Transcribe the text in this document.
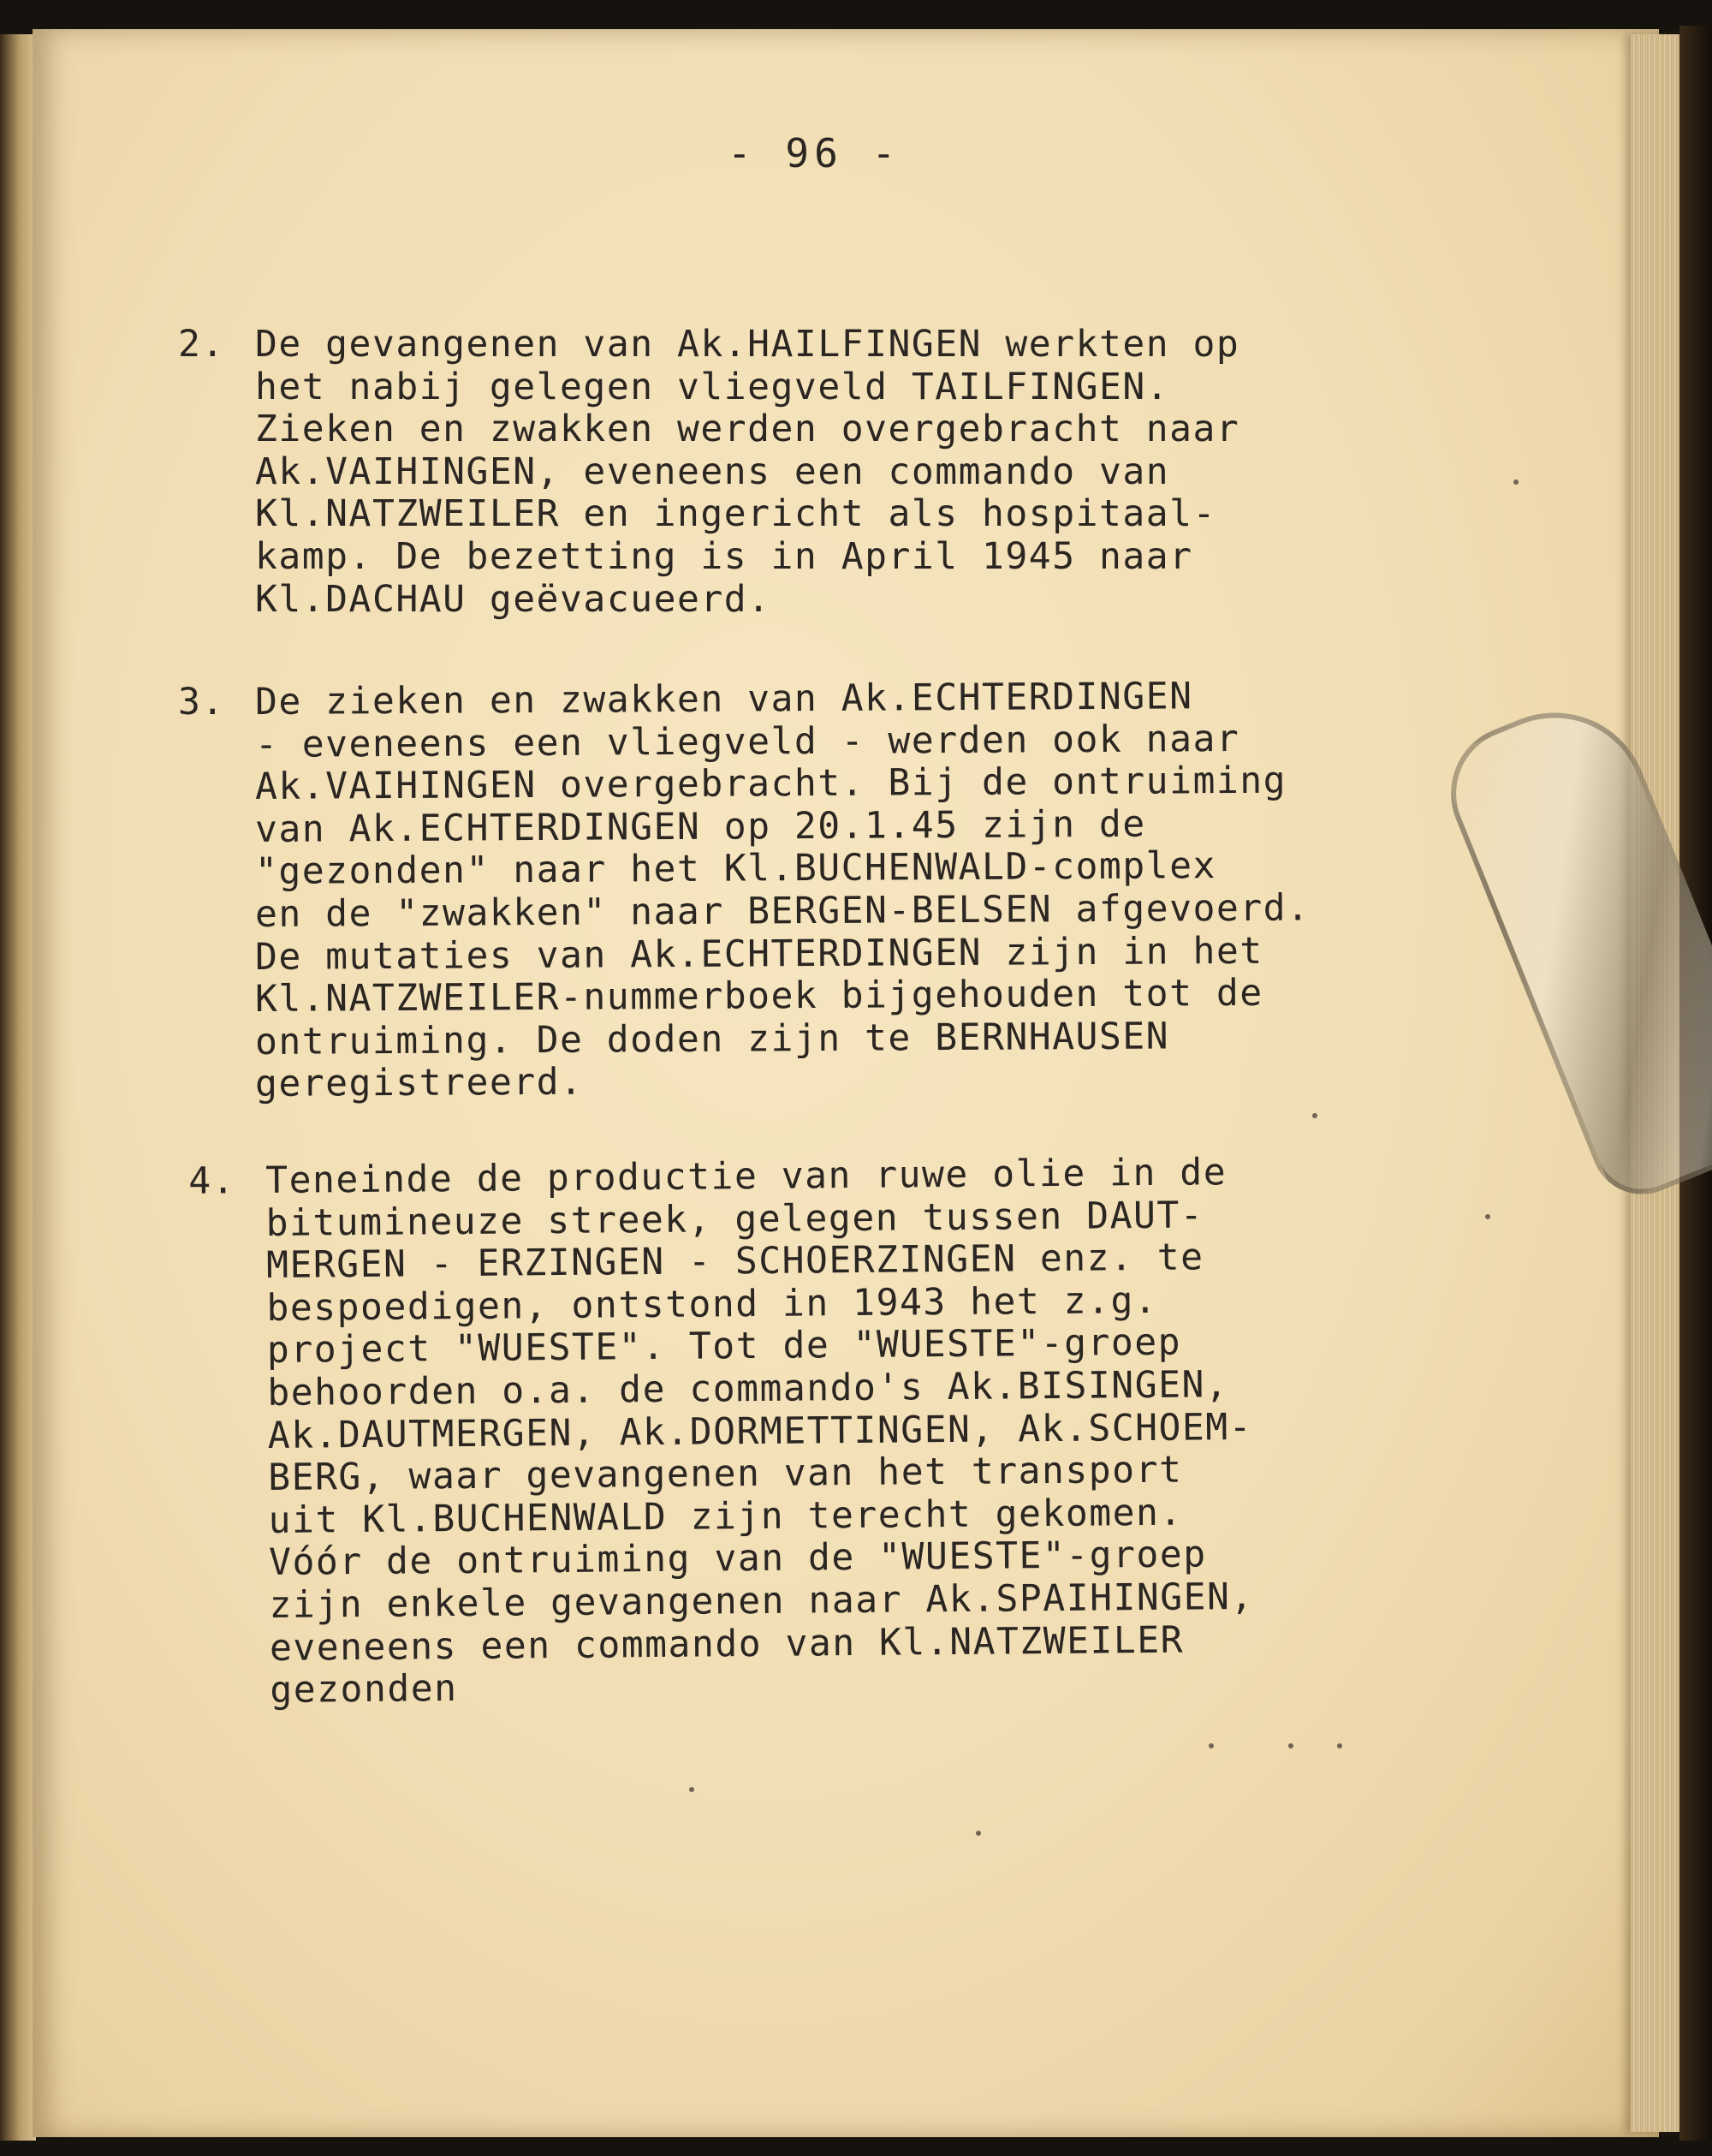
- 96 -
2. De gevangenen van Ak.HAILFINGEN werkten op
het nabij gelegen vliegveld TAILFINGEN.
Zieken en zwakken werden overgebracht naar
Ak.VAIHINGEN, eveneens een commando van
Kl.NATZWEILER en ingericht als hospitaal-
kamp. De bezetting is in April 1945 naar
Kl.DACHAU geëvacueerd.
3. De zieken en zwakken van Ak.ECHTERDINGEN
- eveneens een vliegveld - werden ook naar
Ak.VAIHINGEN overgebracht. Bij de ontruiming
van Ak.ECHTERDINGEN op 20.1.45 zijn de
"gezonden" naar het Kl.BUCHENWALD-complex
en de "zwakken" naar BERGEN-BELSEN afgevoerd.
De mutaties van Ak.ECHTERDINGEN zijn in het
Kl.NATZWEILER-nummerboek bijgehouden tot de
ontruiming. De doden zijn te BERNHAUSEN
geregistreerd.
4. Teneinde de productie van ruwe olie in de
bitumineuze streek, gelegen tussen DAUT-
MERGEN - ERZINGEN - SCHOERZINGEN enz. te
bespoedigen, ontstond in 1943 het z.g.
project "WUESTE". Tot de "WUESTE"-groep
behoorden o.a. de commando's Ak.BISINGEN,
Ak.DAUTMERGEN, Ak.DORMETTINGEN, Ak.SCHOEM-
BERG, waar gevangenen van het transport
uit Kl.BUCHENWALD zijn terecht gekomen.
Vóór de ontruiming van de "WUESTE"-groep
zijn enkele gevangenen naar Ak.SPAIHINGEN,
eveneens een commando van Kl.NATZWEILER
gezonden
